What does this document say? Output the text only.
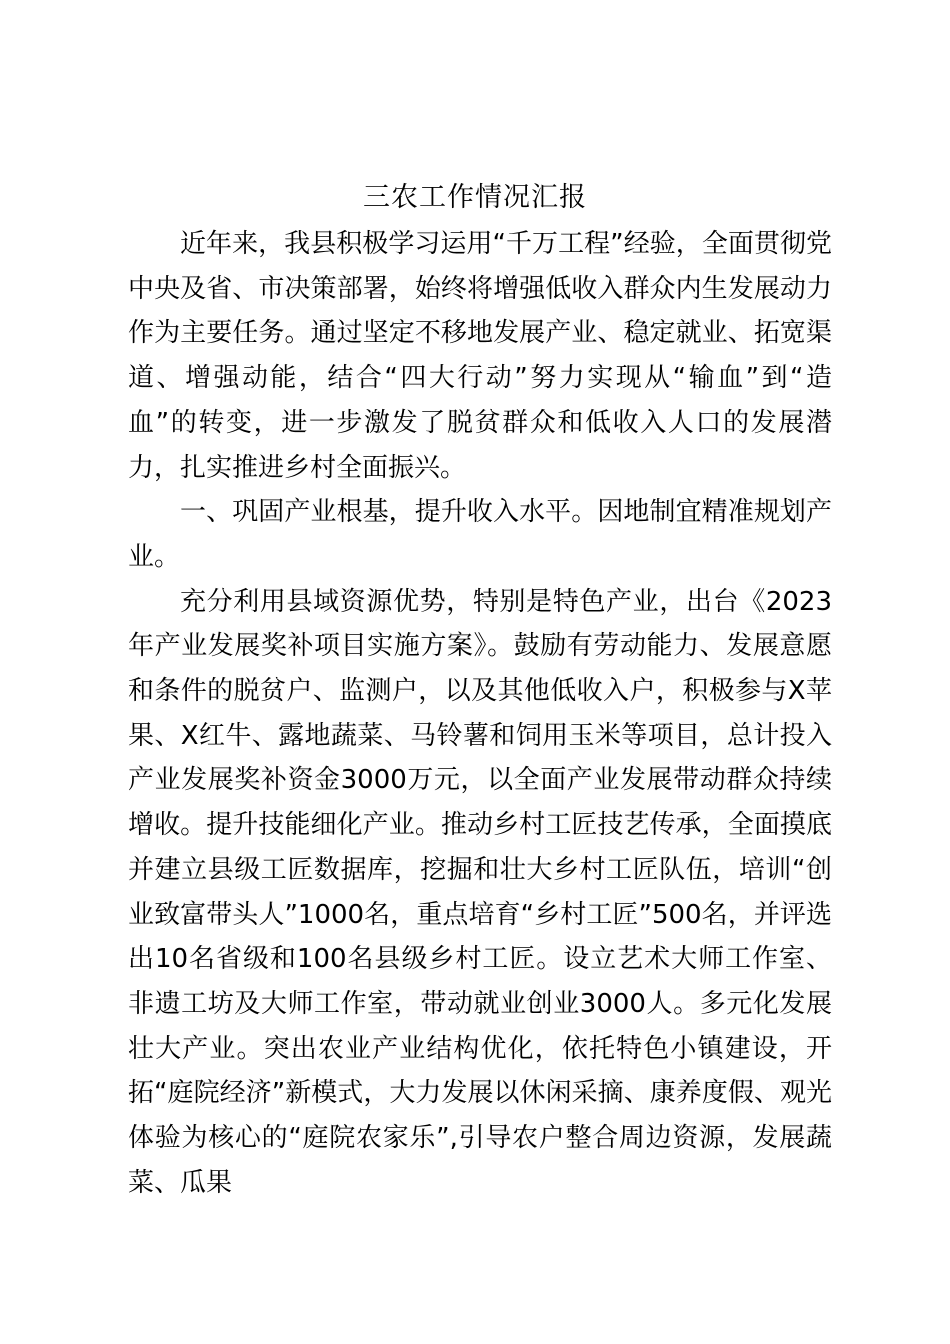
三农工作情况汇报

近年来，我县积极学习运用“千万工程”经验，全面贯彻党中央及省、市决策部署，始终将增强低收入群众内生发展动力作为主要任务。通过坚定不移地发展产业、稳定就业、拓宽渠道、增强动能，结合“四大行动”努力实现从“输血”到“造血”的转变，进一步激发了脱贫群众和低收入人口的发展潜力，扎实推进乡村全面振兴。

一、巩固产业根基，提升收入水平。因地制宜精准规划产业。

充分利用县域资源优势，特别是特色产业，出台《2023年产业发展奖补项目实施方案》。鼓励有劳动能力、发展意愿和条件的脱贫户、监测户，以及其他低收入户，积极参与X苹果、X红牛、露地蔬菜、马铃薯和饲用玉米等项目，总计投入产业发展奖补资金3000万元，以全面产业发展带动群众持续增收。提升技能细化产业。推动乡村工匠技艺传承，全面摸底并建立县级工匠数据库，挖掘和壮大乡村工匠队伍，培训“创业致富带头人”1000名，重点培育“乡村工匠”500名，并评选出10名省级和100名县级乡村工匠。设立艺术大师工作室、非遗工坊及大师工作室，带动就业创业3000人。多元化发展壮大产业。突出农业产业结构优化，依托特色小镇建设，开拓“庭院经济”新模式，大力发展以休闲采摘、康养度假、观光体验为核心的“庭院农家乐”,引导农户整合周边资源，发展蔬菜、瓜果
